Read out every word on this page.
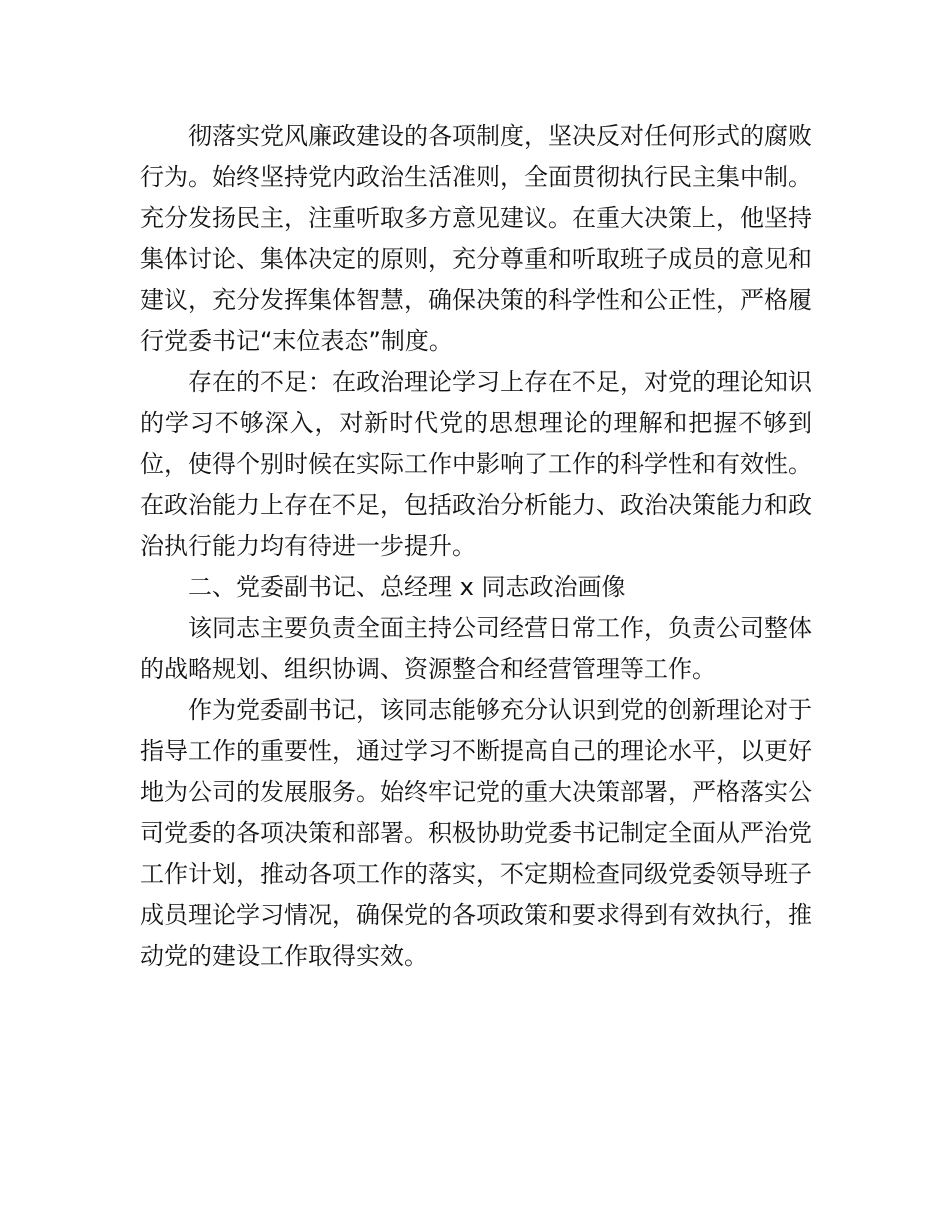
彻落实党风廉政建设的各项制度，坚决反对任何形式的腐败行为。始终坚持党内政治生活准则，全面贯彻执行民主集中制。充分发扬民主，注重听取多方意见建议。在重大决策上，他坚持集体讨论、集体决定的原则，充分尊重和听取班子成员的意见和建议，充分发挥集体智慧，确保决策的科学性和公正性，严格履行党委书记“末位表态”制度。

存在的不足：在政治理论学习上存在不足，对党的理论知识的学习不够深入，对新时代党的思想理论的理解和把握不够到位，使得个别时候在实际工作中影响了工作的科学性和有效性。在政治能力上存在不足，包括政治分析能力、政治决策能力和政治执行能力均有待进一步提升。

二、党委副书记、总经理 x 同志政治画像

该同志主要负责全面主持公司经营日常工作，负责公司整体的战略规划、组织协调、资源整合和经营管理等工作。

作为党委副书记，该同志能够充分认识到党的创新理论对于指导工作的重要性，通过学习不断提高自己的理论水平，以更好地为公司的发展服务。始终牢记党的重大决策部署，严格落实公司党委的各项决策和部署。积极协助党委书记制定全面从严治党工作计划，推动各项工作的落实，不定期检查同级党委领导班子成员理论学习情况，确保党的各项政策和要求得到有效执行，推动党的建设工作取得实效。
